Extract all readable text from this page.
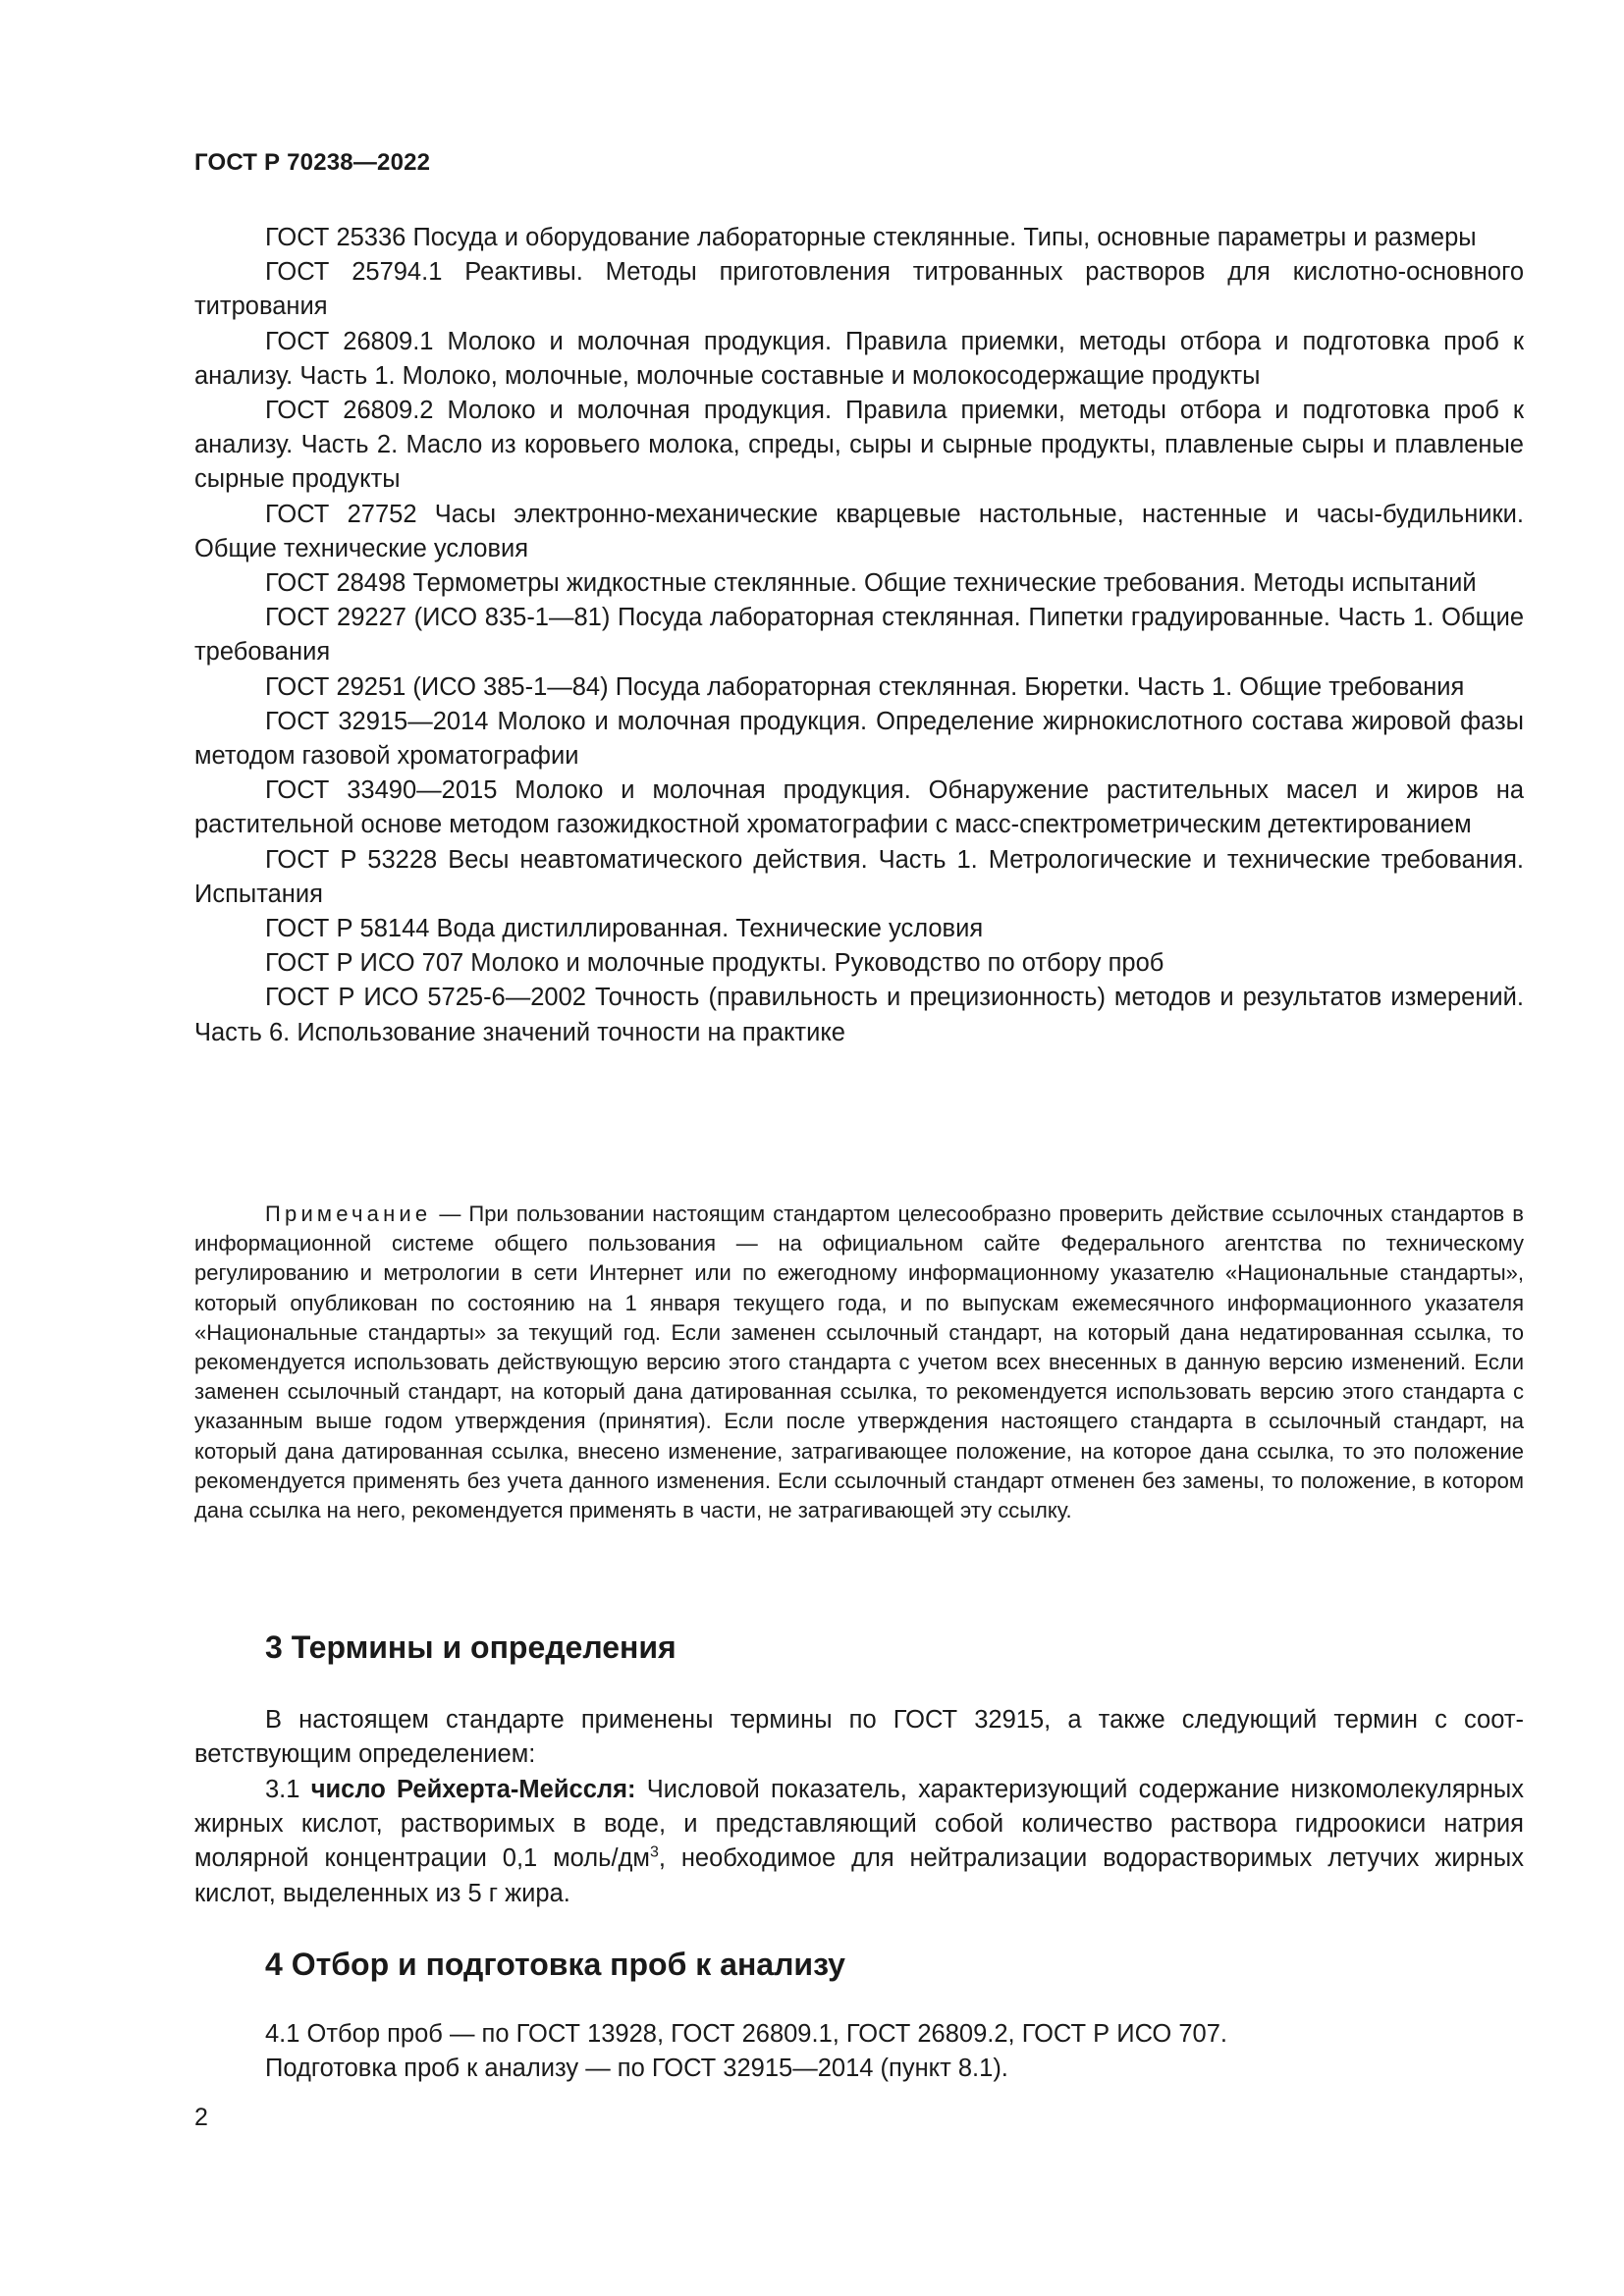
ГОСТ Р 70238—2022

ГОСТ 25336 Посуда и оборудование лабораторные стеклянные. Типы, основные параметры и размеры

ГОСТ 25794.1 Реактивы. Методы приготовления титрованных растворов для кислотно-основного титрования

ГОСТ 26809.1 Молоко и молочная продукция. Правила приемки, методы отбора и подготовка проб к анализу. Часть 1. Молоко, молочные, молочные составные и молокосодержащие продукты

ГОСТ 26809.2 Молоко и молочная продукция. Правила приемки, методы отбора и подготовка проб к анализу. Часть 2. Масло из коровьего молока, спреды, сыры и сырные продукты, плавленые сыры и плавленые сырные продукты

ГОСТ 27752 Часы электронно-механические кварцевые настольные, настенные и часы-будильники. Общие технические условия

ГОСТ 28498 Термометры жидкостные стеклянные. Общие технические требования. Методы испытаний

ГОСТ 29227 (ИСО 835-1—81) Посуда лабораторная стеклянная. Пипетки градуированные. Часть 1. Общие требования

ГОСТ 29251 (ИСО 385-1—84) Посуда лабораторная стеклянная. Бюретки. Часть 1. Общие требования

ГОСТ 32915—2014 Молоко и молочная продукция. Определение жирнокислотного состава жировой фазы методом газовой хроматографии

ГОСТ 33490—2015 Молоко и молочная продукция. Обнаружение растительных масел и жиров на растительной основе методом газожидкостной хроматографии с масс-спектрометрическим детектированием

ГОСТ Р 53228 Весы неавтоматического действия. Часть 1. Метрологические и технические требования. Испытания

ГОСТ Р 58144 Вода дистиллированная. Технические условия

ГОСТ Р ИСО 707 Молоко и молочные продукты. Руководство по отбору проб

ГОСТ Р ИСО 5725-6—2002 Точность (правильность и прецизионность) методов и результатов измерений. Часть 6. Использование значений точности на практике

Примечание — При пользовании настоящим стандартом целесообразно проверить действие ссылочных стандартов в информационной системе общего пользования — на официальном сайте Федерального агентства по техническому регулированию и метрологии в сети Интернет или по ежегодному информационному указателю «Национальные стандарты», который опубликован по состоянию на 1 января текущего года, и по выпускам ежемесячного информационного указателя «Национальные стандарты» за текущий год. Если заменен ссылочный стандарт, на который дана недатированная ссылка, то рекомендуется использовать действующую версию этого стандарта с учетом всех внесенных в данную версию изменений. Если заменен ссылочный стандарт, на который дана датированная ссылка, то рекомендуется использовать версию этого стандарта с указанным выше годом утверждения (принятия). Если после утверждения настоящего стандарта в ссылочный стандарт, на который дана датированная ссылка, внесено изменение, затрагивающее положение, на которое дана ссылка, то это положение рекомендуется применять без учета данного изменения. Если ссылочный стандарт отменен без замены, то положение, в котором дана ссылка на него, рекомендуется применять в части, не затрагивающей эту ссылку.

3 Термины и определения

В настоящем стандарте применены термины по ГОСТ 32915, а также следующий термин с соответствующим определением:

3.1 число Рейхерта-Мейссля: Числовой показатель, характеризующий содержание низкомолекулярных жирных кислот, растворимых в воде, и представляющий собой количество раствора гидроокиси натрия молярной концентрации 0,1 моль/$дм^3$, необходимое для нейтрализации водорастворимых летучих жирных кислот, выделенных из 5 г жира.

4 Отбор и подготовка проб к анализу

4.1 Отбор проб — по ГОСТ 13928, ГОСТ 26809.1, ГОСТ 26809.2, ГОСТ Р ИСО 707.

Подготовка проб к анализу — по ГОСТ 32915—2014 (пункт 8.1).

2
